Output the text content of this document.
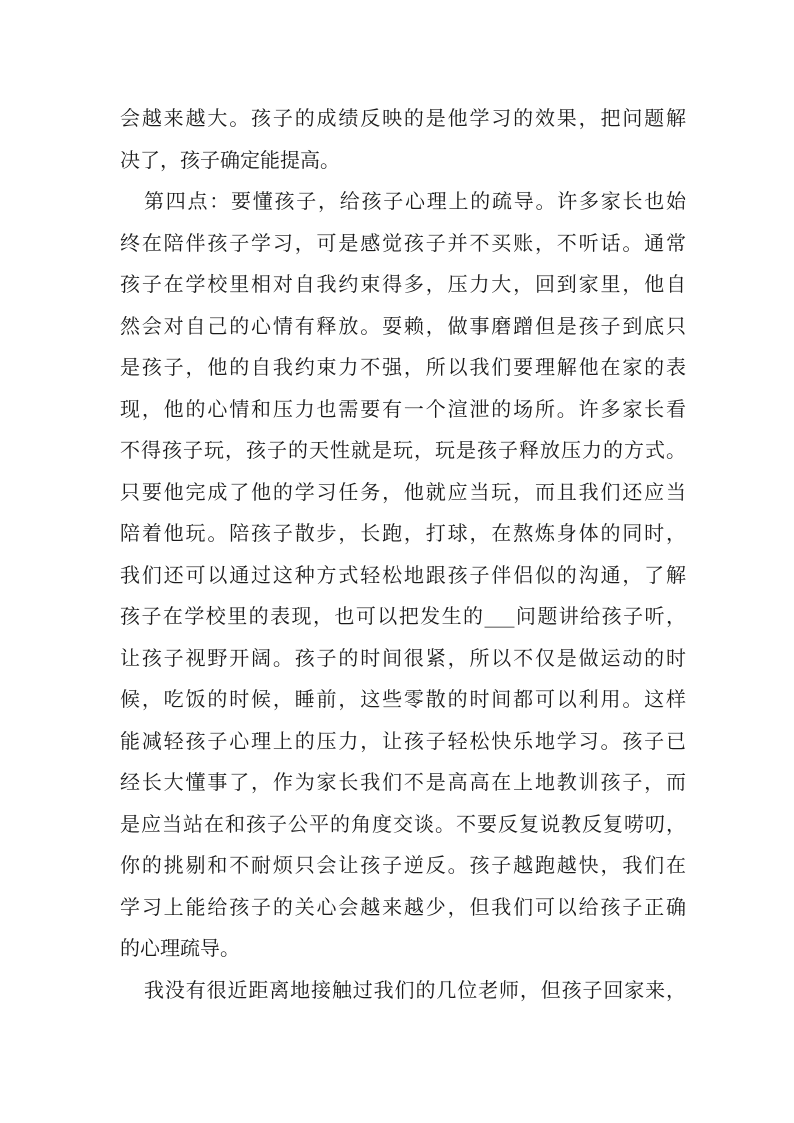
会越来越大。孩子的成绩反映的是他学习的效果，把问题解
决了，孩子确定能提高。
第四点：要懂孩子，给孩子心理上的疏导。许多家长也始
终在陪伴孩子学习，可是感觉孩子并不买账，不听话。通常
孩子在学校里相对自我约束得多，压力大，回到家里，他自
然会对自己的心情有释放。耍赖，做事磨蹭但是孩子到底只
是孩子，他的自我约束力不强，所以我们要理解他在家的表
现，他的心情和压力也需要有一个渲泄的场所。许多家长看
不得孩子玩，孩子的天性就是玩，玩是孩子释放压力的方式。
只要他完成了他的学习任务，他就应当玩，而且我们还应当
陪着他玩。陪孩子散步，长跑，打球，在熬炼身体的同时，
我们还可以通过这种方式轻松地跟孩子伴侣似的沟通，了解
孩子在学校里的表现，也可以把发生的___问题讲给孩子听，
让孩子视野开阔。孩子的时间很紧，所以不仅是做运动的时
候，吃饭的时候，睡前，这些零散的时间都可以利用。这样
能减轻孩子心理上的压力，让孩子轻松快乐地学习。孩子已
经长大懂事了，作为家长我们不是高高在上地教训孩子，而
是应当站在和孩子公平的角度交谈。不要反复说教反复唠叨，
你的挑剔和不耐烦只会让孩子逆反。孩子越跑越快，我们在
学习上能给孩子的关心会越来越少，但我们可以给孩子正确
的心理疏导。
我没有很近距离地接触过我们的几位老师，但孩子回家来，
